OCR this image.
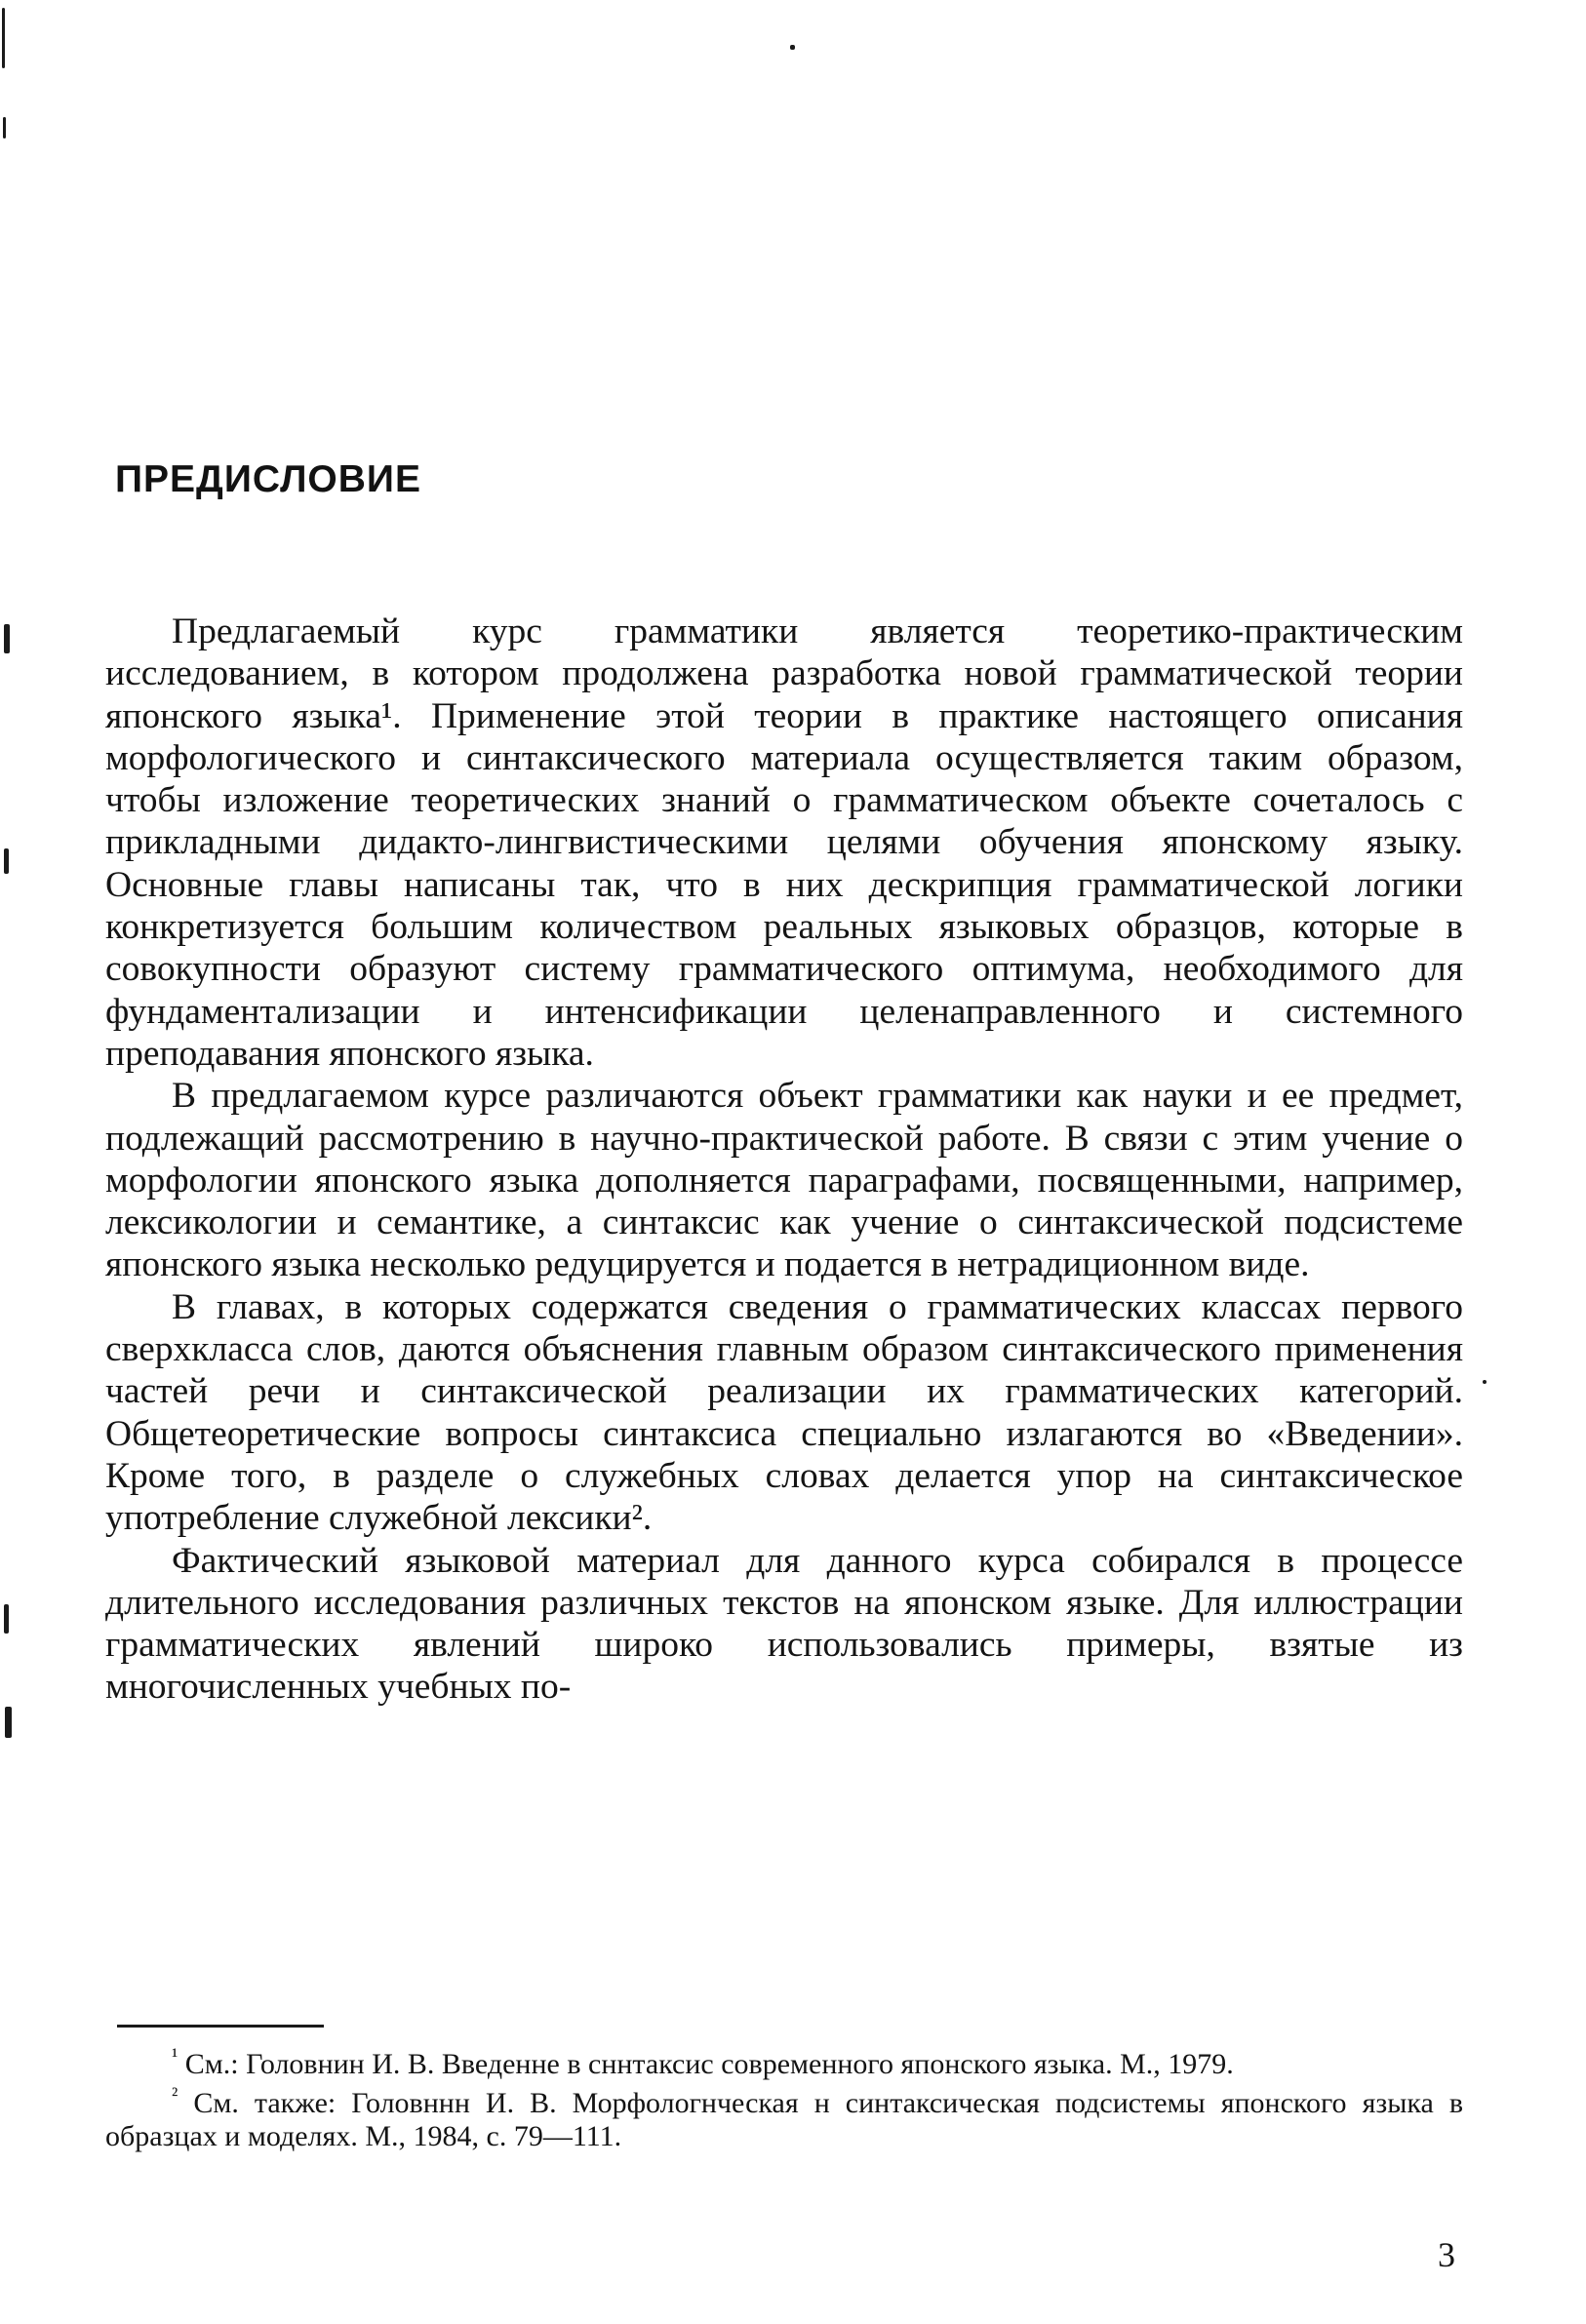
ПРЕДИСЛОВИЕ

Предлагаемый курс грамматики является теоретико-практическим исследованием, в котором продолжена разработка новой грамматической теории японского языка¹. Применение этой теории в практике настоящего описания морфологического и синтаксического материала осуществляется таким образом, чтобы изложение теоретических знаний о грамматическом объекте сочеталось с прикладными дидакто-лингвистическими целями обучения японскому языку. Основные главы написаны так, что в них дескрипция грамматической логики конкретизуется большим количеством реальных языковых образцов, которые в совокупности образуют систему грамматического оптимума, необходимого для фундаментализации и интенсификации целенаправленного и системного преподавания японского языка.

В предлагаемом курсе различаются объект грамматики как науки и ее предмет, подлежащий рассмотрению в научно-практической работе. В связи с этим учение о морфологии японского языка дополняется параграфами, посвященными, например, лексикологии и семантике, а синтаксис как учение о синтаксической подсистеме японского языка несколько редуцируется и подается в нетрадиционном виде.

В главах, в которых содержатся сведения о грамматических классах первого сверхкласса слов, даются объяснения главным образом синтаксического применения частей речи и синтаксической реализации их грамматических категорий. Общетеоретические вопросы синтаксиса специально излагаются во «Введении». Кроме того, в разделе о служебных словах делается упор на синтаксическое употребление служебной лексики².

Фактический языковой материал для данного курса собирался в процессе длительного исследования различных текстов на японском языке. Для иллюстрации грамматических явлений широко использовались примеры, взятые из многочисленных учебных по-

$^{^1}$ См.: Головнин И. В. Введенне в сннтаксис современного японского языка. М., 1979.

$^{^2}$ См. также: Головннн И. В. Морфологнческая н синтаксическая подсистемы японского языка в образцах и моделях. М., 1984, с. 79—111.

3
